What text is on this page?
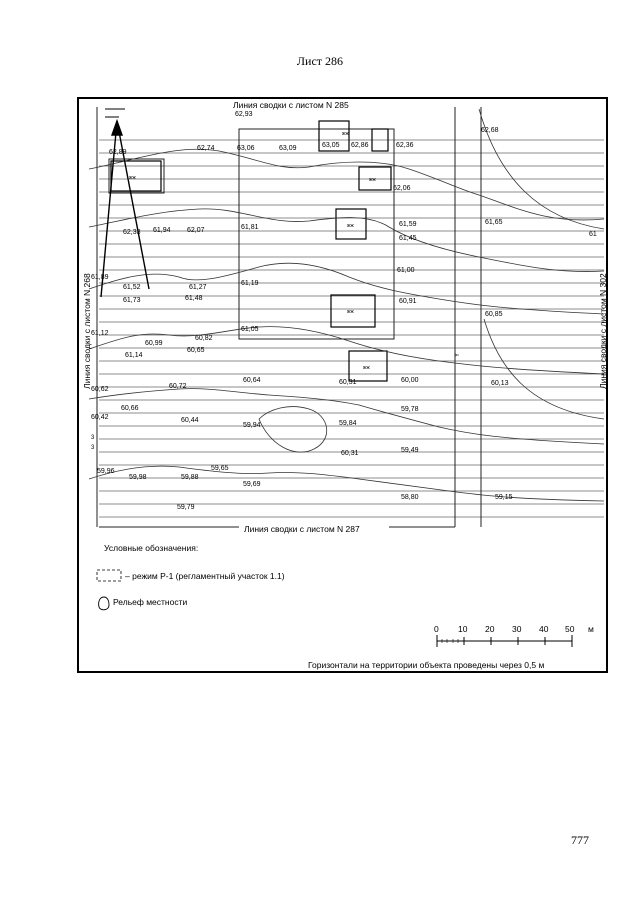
Лист 286
жж
жж
жж
жж
жж
жж
С
Линия сводки с листом N 285
Линия сводки с листом N 287
Линия сводки с листом N 268	Линия сводки с листом N 302
62,93
62,68
62,89
62,74	63,06	63,09	63,05 62,86	62,36
62,06
62,33 61,94 62,07	61,81	61,59
61,45
61,65
61
61,52	61,27
61,73	61,48
61,19
61,00
60,91
60,85
61,89
61,12
60,99
61,05
60,82
60,65
61,14
60,62	60,72
60,64	60,31	60,00	60,13
60,42
60,66
60,44
59,94	59,84
59,78
60,31	59,49
59,96
59,98	59,88
59,65
59,69
58,80	59,15
59,79
3
3
Y
Условные обозначения:
– режим Р-1 (регламентный участок 1.1)
Рельеф местности
0 10 20 30 40 50 м
Горизонтали на территории объекта проведены через 0,5 м
777
